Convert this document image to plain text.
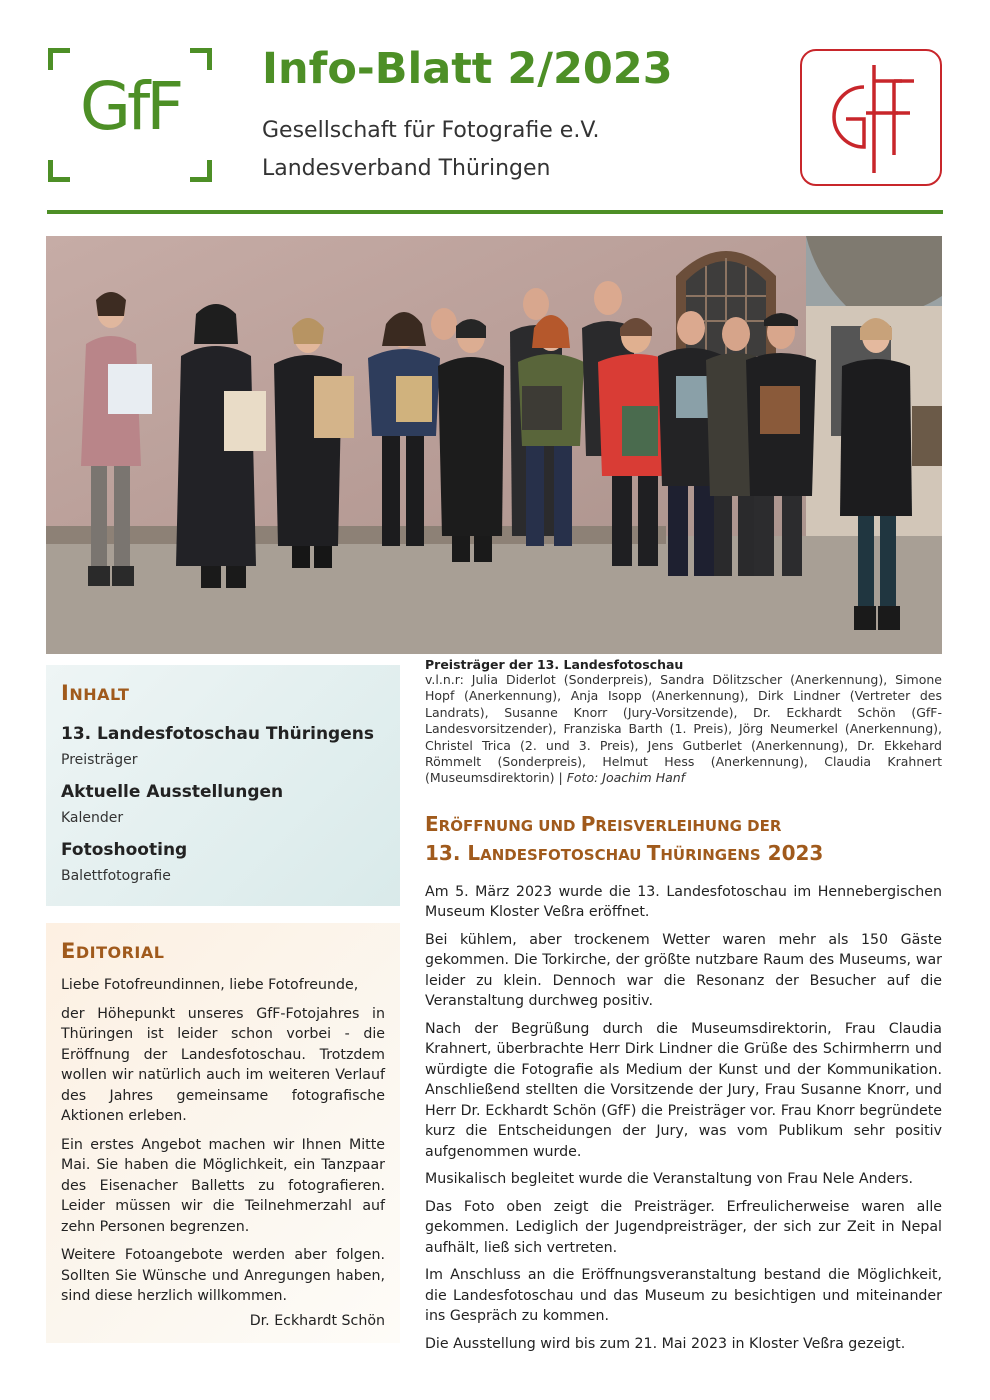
GfF	Info-Blatt 2/2023
Gesellschaft für Fotografie e.V.
Landesverband Thüringen
INHALT
13. Landesfotoschau Thüringens
Preisträger
Aktuelle Ausstellungen
Kalender
Fotoshooting
Balettfotografie
EDITORIAL

Liebe Fotofreundinnen, liebe Fotofreunde,

der Höhepunkt unseres GfF-Fotojahres in Thüringen ist leider schon vorbei - die Eröffnung der Landesfotoschau. Trotzdem wollen wir natürlich auch im weiteren Verlauf des Jahres gemeinsame fotografische Aktionen erleben.

Ein erstes Angebot machen wir Ihnen Mitte Mai. Sie haben die Möglichkeit, ein Tanzpaar des Eisenacher Balletts zu fotografieren. Leider müssen wir die Teilnehmerzahl auf zehn Personen begrenzen.

Weitere Fotoangebote werden aber folgen. Sollten Sie Wünsche und Anregungen haben, sind diese herzlich willkommen.

Dr. Eckhardt Schön
Preisträger der 13. Landesfotoschau
v.l.n.r: Julia Diderlot (Sonderpreis), Sandra Dölitzscher (Anerkennung), Simone Hopf (Anerkennung), Anja Isopp (Anerkennung), Dirk Lindner (Vertreter des Landrats), Susanne Knorr (Jury-Vorsitzende), Dr. Eckhardt Schön (GfF-Landesvorsitzender), Franziska Barth (1. Preis), Jörg Neumerkel (Anerkennung), Christel Trica (2. und 3. Preis), Jens Gutberlet (Anerkennung), Dr. Ekkehard Römmelt (Sonderpreis), Helmut Hess (Anerkennung), Claudia Krahnert (Museumsdirektorin) | Foto: Joachim Hanf
ERÖFFNUNG UND PREISVERLEIHUNG DER
13. LANDESFOTOSCHAU THÜRINGENS 2023

Am 5. März 2023 wurde die 13. Landesfotoschau im Hennebergischen Museum Kloster Veßra eröffnet.

Bei kühlem, aber trockenem Wetter waren mehr als 150 Gäste gekommen. Die Torkirche, der größte nutzbare Raum des Museums, war leider zu klein. Dennoch war die Resonanz der Besucher auf die Veranstaltung durchweg positiv.

Nach der Begrüßung durch die Museumsdirektorin, Frau Claudia Krahnert, überbrachte Herr Dirk Lindner die Grüße des Schirmherrn und würdigte die Fotografie als Medium der Kunst und der Kommunikation. Anschließend stellten die Vorsitzende der Jury, Frau Susanne Knorr, und Herr Dr. Eckhardt Schön (GfF) die Preisträger vor. Frau Knorr begründete kurz die Entscheidungen der Jury, was vom Publikum sehr positiv aufgenommen wurde.

Musikalisch begleitet wurde die Veranstaltung von Frau Nele Anders.

Das Foto oben zeigt die Preisträger. Erfreulicherweise waren alle gekommen. Lediglich der Jugendpreisträger, der sich zur Zeit in Nepal aufhält, ließ sich vertreten.

Im Anschluss an die Eröffnungsveranstaltung bestand die Möglichkeit, die Landesfotoschau und das Museum zu besichtigen und miteinander ins Gespräch zu kommen.

Die Ausstellung wird bis zum 21. Mai 2023 in Kloster Veßra gezeigt.
